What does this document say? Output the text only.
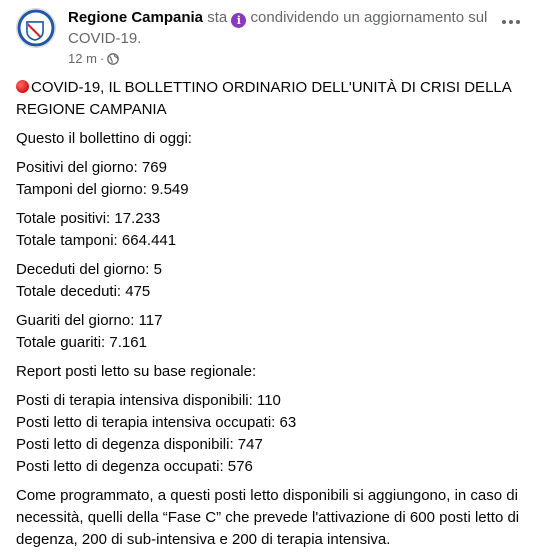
Regione Campania sta i condividendo un aggiornamento sul COVID-19.
12 m ·
COVID-19, IL BOLLETTINO ORDINARIO DELL'UNITÀ DI CRISI DELLA REGIONE CAMPANIA
Questo il bollettino di oggi:
Positivi del giorno: 769
Tamponi del giorno: 9.549
Totale positivi: 17.233
Totale tamponi: 664.441
Deceduti del giorno: 5
Totale deceduti: 475
Guariti del giorno: 117
Totale guariti: 7.161
Report posti letto su base regionale:
Posti di terapia intensiva disponibili: 110
Posti letto di terapia intensiva occupati: 63
Posti letto di degenza disponibili: 747
Posti letto di degenza occupati: 576
Come programmato, a questi posti letto disponibili si aggiungono, in caso di necessità, quelli della “Fase C” che prevede l'attivazione di 600 posti letto di degenza, 200 di sub-intensiva e 200 di terapia intensiva.
